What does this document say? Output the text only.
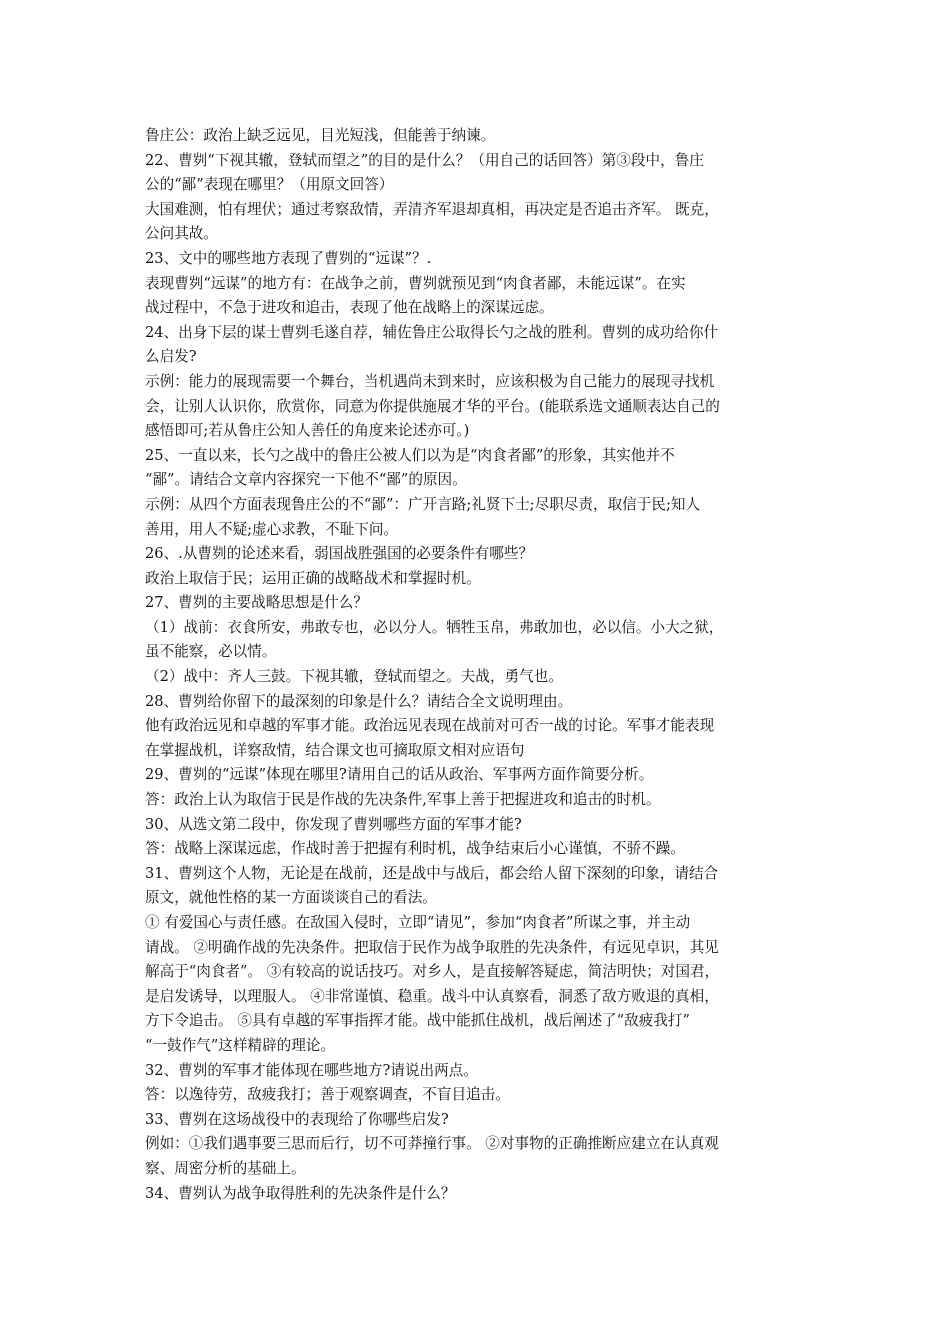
鲁庄公：政治上缺乏远见，目光短浅，但能善于纳谏。
22、曹刿“下视其辙，登轼而望之”的目的是什么？（用自己的话回答）第③段中，鲁庄
公的“鄙”表现在哪里？（用原文回答）
大国难测，怕有埋伏；通过考察敌情，弄清齐军退却真相，再决定是否追击齐军。 既克，
公问其故。
23、文中的哪些地方表现了曹刿的“远谋”？.
表现曹刿“远谋”的地方有：在战争之前，曹刿就预见到“肉食者鄙，未能远谋”。在实
战过程中，不急于进攻和追击，表现了他在战略上的深谋远虑。
24、出身下层的谋士曹刿毛遂自荐，辅佐鲁庄公取得长勺之战的胜利。曹刿的成功给你什
么启发?
示例：能力的展现需要一个舞台，当机遇尚未到来时，应该积极为自己能力的展现寻找机
会，让别人认识你，欣赏你，同意为你提供施展才华的平台。(能联系选文通顺表达自己的
感悟即可;若从鲁庄公知人善任的角度来论述亦可。)
25、一直以来，长勺之战中的鲁庄公被人们以为是“肉食者鄙”的形象，其实他并不
“鄙”。请结合文章内容探究一下他不“鄙”的原因。
示例：从四个方面表现鲁庄公的不“鄙”：广开言路;礼贤下士;尽职尽责，取信于民;知人
善用，用人不疑;虚心求教，不耻下问。
26、.从曹刿的论述来看，弱国战胜强国的必要条件有哪些？
政治上取信于民；运用正确的战略战术和掌握时机。
27、曹刿的主要战略思想是什么？
（1）战前：衣食所安，弗敢专也，必以分人。牺牲玉帛，弗敢加也，必以信。小大之狱，
虽不能察，必以情。
（2）战中：齐人三鼓。下视其辙，登轼而望之。夫战，勇气也。
28、曹刿给你留下的最深刻的印象是什么？请结合全文说明理由。
他有政治远见和卓越的军事才能。政治远见表现在战前对可否一战的讨论。军事才能表现
在掌握战机，详察敌情，结合课文也可摘取原文相对应语句
29、曹刿的“远谋”体现在哪里?请用自己的话从政治、军事两方面作简要分析。
答：政治上认为取信于民是作战的先决条件,军事上善于把握进攻和追击的时机。
30、从选文第二段中，你发现了曹刿哪些方面的军事才能?
答：战略上深谋远虑，作战时善于把握有利时机，战争结束后小心谨慎，不骄不躁。
31、曹刿这个人物，无论是在战前，还是战中与战后，都会给人留下深刻的印象，请结合
原文，就他性格的某一方面谈谈自己的看法。
① 有爱国心与责任感。在敌国入侵时，立即“请见”，参加“肉食者”所谋之事，并主动
请战。 ②明确作战的先决条件。把取信于民作为战争取胜的先决条件，有远见卓识，其见
解高于“肉食者”。 ③有较高的说话技巧。对乡人，是直接解答疑虑，简洁明快；对国君，
是启发诱导，以理服人。 ④非常谨慎、稳重。战斗中认真察看，洞悉了敌方败退的真相，
方下令追击。 ⑤具有卓越的军事指挥才能。战中能抓住战机，战后阐述了“敌疲我打”
“一鼓作气”这样精辟的理论。
32、曹刿的军事才能体现在哪些地方?请说出两点。
答：以逸待劳，敌疲我打；善于观察调查，不盲目追击。
33、曹刿在这场战役中的表现给了你哪些启发?
例如：①我们遇事要三思而后行，切不可莽撞行事。 ②对事物的正确推断应建立在认真观
察、周密分析的基础上。
34、曹刿认为战争取得胜利的先决条件是什么？
